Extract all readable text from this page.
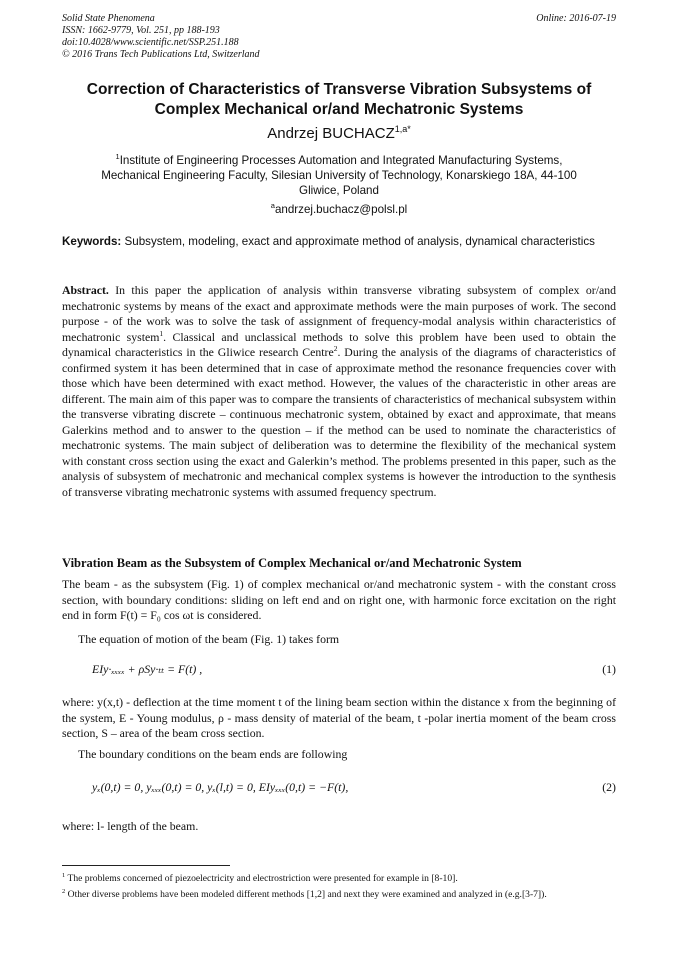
Solid State Phenomena
ISSN: 1662-9779, Vol. 251, pp 188-193
doi:10.4028/www.scientific.net/SSP.251.188
© 2016 Trans Tech Publications Ltd, Switzerland
Online: 2016-07-19
Correction of Characteristics of Transverse Vibration Subsystems of
Complex Mechanical or/and Mechatronic Systems
Andrzej $BUCHACZ^{1,a*}$
$^1$Institute of Engineering Processes Automation and Integrated Manufacturing Systems,
Mechanical Engineering Faculty, Silesian University of Technology, Konarskiego 18A, 44-100
Gliwice, Poland
$^a$andrzej.buchacz@polsl.pl
Keywords: Subsystem, modeling, exact and approximate method of analysis, dynamical characteristics
Abstract. In this paper the application of analysis within transverse vibrating subsystem of complex or/and mechatronic systems by means of the exact and approximate methods were the main purposes of work. The second purpose - of the work was to solve the task of assignment of frequency-modal analysis within characteristics of mechatronic system$^1$. Classical and unclassical methods to solve this problem have been used to obtain the dynamical characteristics in the Gliwice research Centre$^2$. During the analysis of the diagrams of characteristics of confirmed system it has been determined that in case of approximate method the resonance frequencies cover with those which have been determined with exact method. However, the values of the characteristic in other areas are different. The main aim of this paper was to compare the transients of characteristics of mechanical subsystem within the transverse vibrating discrete – continuous mechatronic system, obtained by exact and approximate, that means Galerkins method and to answer to the question – if the method can be used to nominate the characteristics of mechatronic systems. The main subject of deliberation was to determine the flexibility of the mechanical system with constant cross section using the exact and Galerkin’s method. The problems presented in this paper, such as the analysis of subsystem of mechatronic and mechanical complex systems is however the introduction to the synthesis of transverse vibrating mechatronic systems with assumed frequency spectrum.
Vibration Beam as the Subsystem of Complex Mechanical or/and Mechatronic System
The beam - as the subsystem (Fig. 1) of complex mechanical or/and mechatronic system - with the constant cross section, with boundary conditions: sliding on left end and on right one, with harmonic force excitation on the right end in form F(t) = F₀ cos ωt is considered.
The equation of motion of the beam (Fig. 1) takes form
EIy·ₓₓₓₓ + ρSy·ₜₜ = F(t) ,	(1)
where: y(x,t) - deflection at the time moment t of the lining beam section within the distance x from the beginning of the system, E - Young modulus, ρ - mass density of material of the beam, t -polar inertia moment of the beam cross section, S – area of the beam cross section.
The boundary conditions on the beam ends are following
yₓ(0,t) = 0, yₓₓₓ(0,t) = 0, yₓ(l,t) = 0, EIyₓₓₓ(0,t) = −F(t),	(2)
where: l- length of the beam.
$^1$ The problems concerned of piezoelectricity and electrostriction were presented for example in [8-10].
$^2$ Other diverse problems have been modeled different methods [1,2] and next they were examined and analyzed in (e.g.[3-7]).
